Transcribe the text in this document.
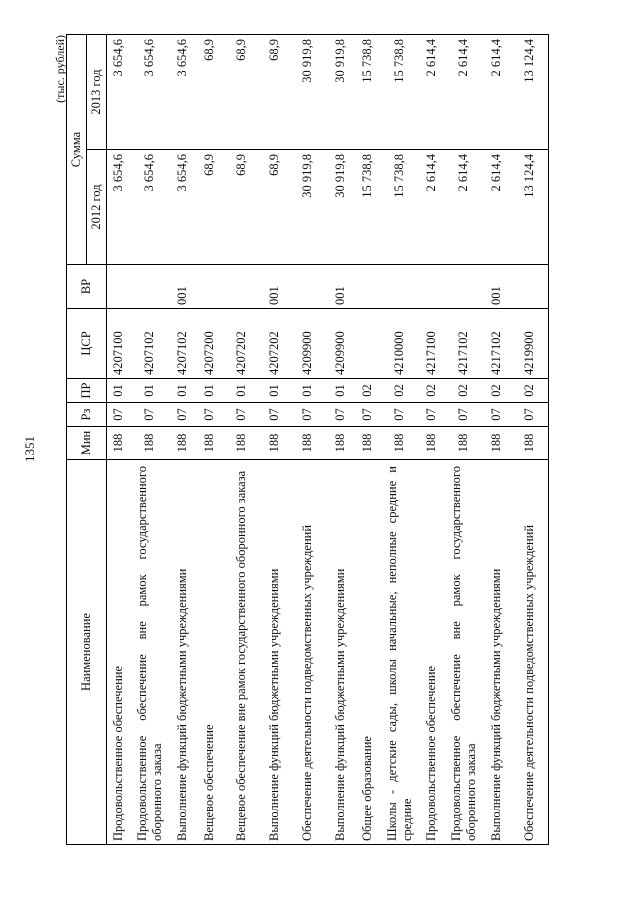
1351
(тыс. рублей)
Наименование	Мин	Рз	ПР	ЦСР	ВР	Сумма	
						2012 год	2013 год
Продовольственное обеспечение	188	07	01	4207100		3 654,6	3 654,6
Продовольственное обеспечение вне рамок государственного оборонного заказа	188	07	01	4207102		3 654,6	3 654,6
Выполнение функций бюджетными учреждениями	188	07	01	4207102	001	3 654,6	3 654,6
Вещевое обеспечение	188	07	01	4207200		68,9	68,9
Вещевое обеспечение вне рамок государственного оборонного заказа	188	07	01	4207202		68,9	68,9
Выполнение функций бюджетными учреждениями	188	07	01	4207202	001	68,9	68,9
Обеспечение деятельности подведомственных учреждений	188	07	01	4209900		30 919,8	30 919,8
Выполнение функций бюджетными учреждениями	188	07	01	4209900	001	30 919,8	30 919,8
Общее образование	188	07	02			15 738,8	15 738,8
Школы - детские сады, школы начальные, неполные средние и средние	188	07	02	4210000		15 738,8	15 738,8
Продовольственное обеспечение	188	07	02	4217100		2 614,4	2 614,4
Продовольственное обеспечение вне рамок государственного оборонного заказа	188	07	02	4217102		2 614,4	2 614,4
Выполнение функций бюджетными учреждениями	188	07	02	4217102	001	2 614,4	2 614,4
Обеспечение деятельности подведомственных учреждений	188	07	02	4219900		13 124,4	13 124,4
